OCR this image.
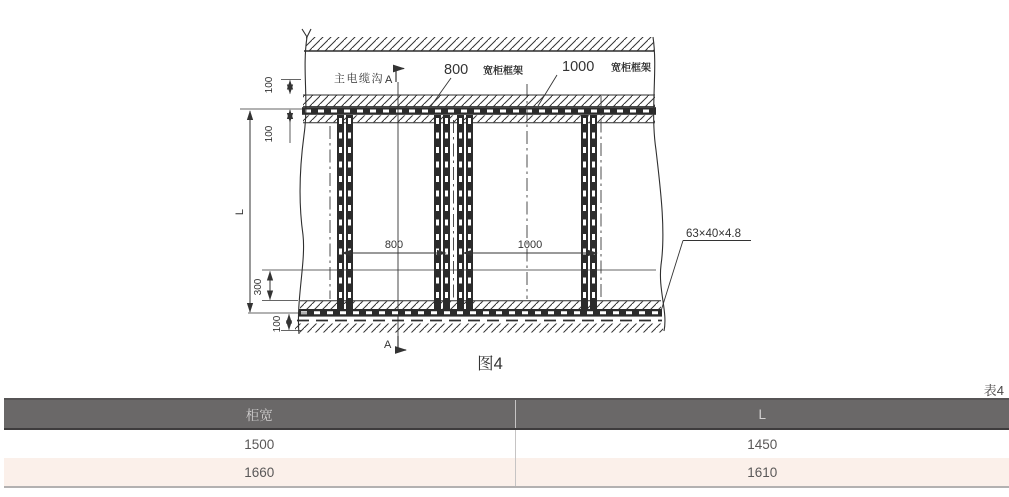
主电缆沟 A
800 宽柜框架	1000 宽柜框架
63×40×4.8
L
100
100
300
100
800	1000
A
图4
表4
柜宽	L
1500	1450
1660	1610
